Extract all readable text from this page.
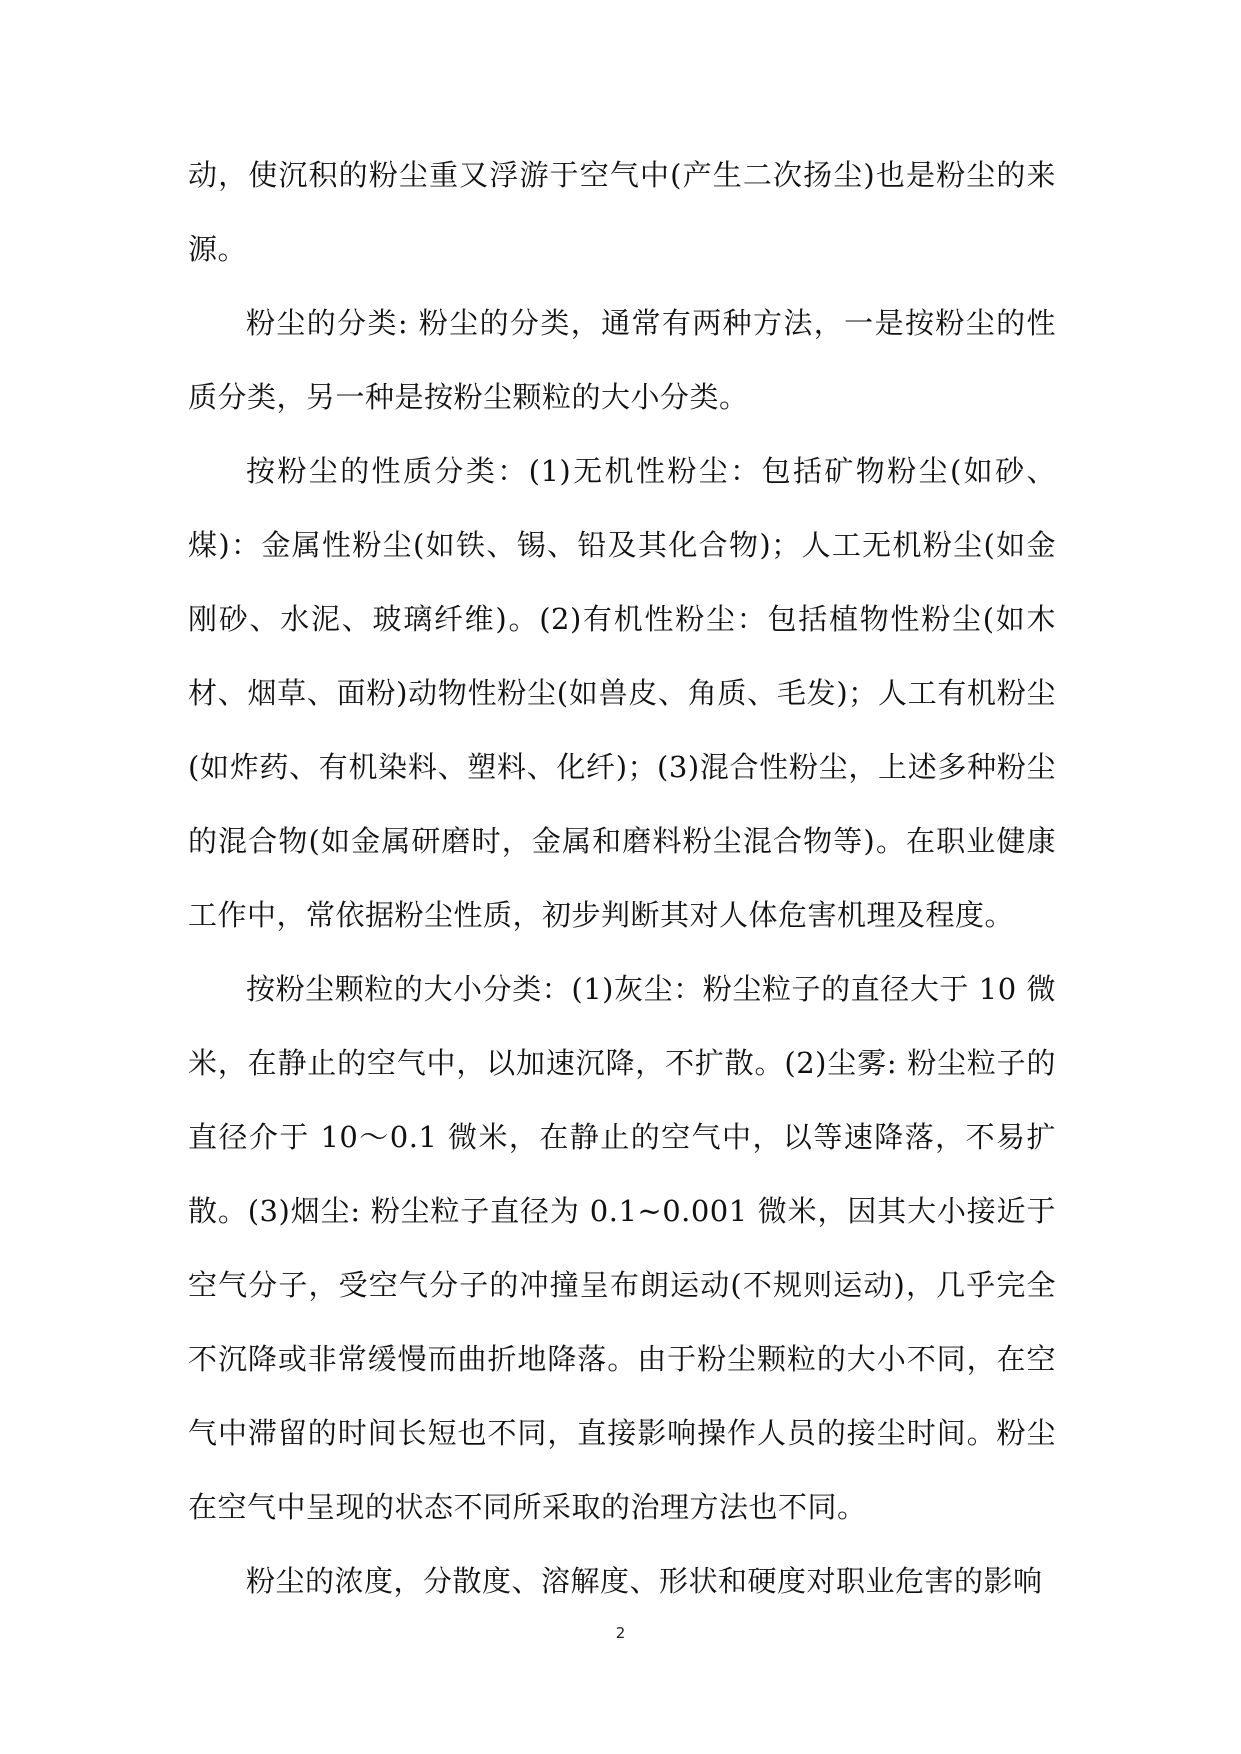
动，使沉积的粉尘重又浮游于空气中(产生二次扬尘)也是粉尘的来源。

粉尘的分类: 粉尘的分类，通常有两种方法，一是按粉尘的性质分类，另一种是按粉尘颗粒的大小分类。

按粉尘的性质分类：(1)无机性粉尘：包括矿物粉尘(如砂、煤)：金属性粉尘(如铁、锡、铅及其化合物)；人工无机粉尘(如金刚砂、水泥、玻璃纤维)。(2)有机性粉尘：包括植物性粉尘(如木材、烟草、面粉)动物性粉尘(如兽皮、角质、毛发)；人工有机粉尘(如炸药、有机染料、塑料、化纤)；(3)混合性粉尘，上述多种粉尘的混合物(如金属研磨时，金属和磨料粉尘混合物等)。在职业健康工作中，常依据粉尘性质，初步判断其对人体危害机理及程度。

按粉尘颗粒的大小分类：(1)灰尘：粉尘粒子的直径大于 10 微米，在静止的空气中，以加速沉降，不扩散。(2)尘雾: 粉尘粒子的直径介于 10～0.1 微米，在静止的空气中，以等速降落，不易扩散。(3)烟尘: 粉尘粒子直径为 0.1~0.001 微米，因其大小接近于空气分子，受空气分子的冲撞呈布朗运动(不规则运动)，几乎完全不沉降或非常缓慢而曲折地降落。由于粉尘颗粒的大小不同，在空气中滞留的时间长短也不同，直接影响操作人员的接尘时间。粉尘在空气中呈现的状态不同所采取的治理方法也不同。

粉尘的浓度，分散度、溶解度、形状和硬度对职业危害的影响

2
